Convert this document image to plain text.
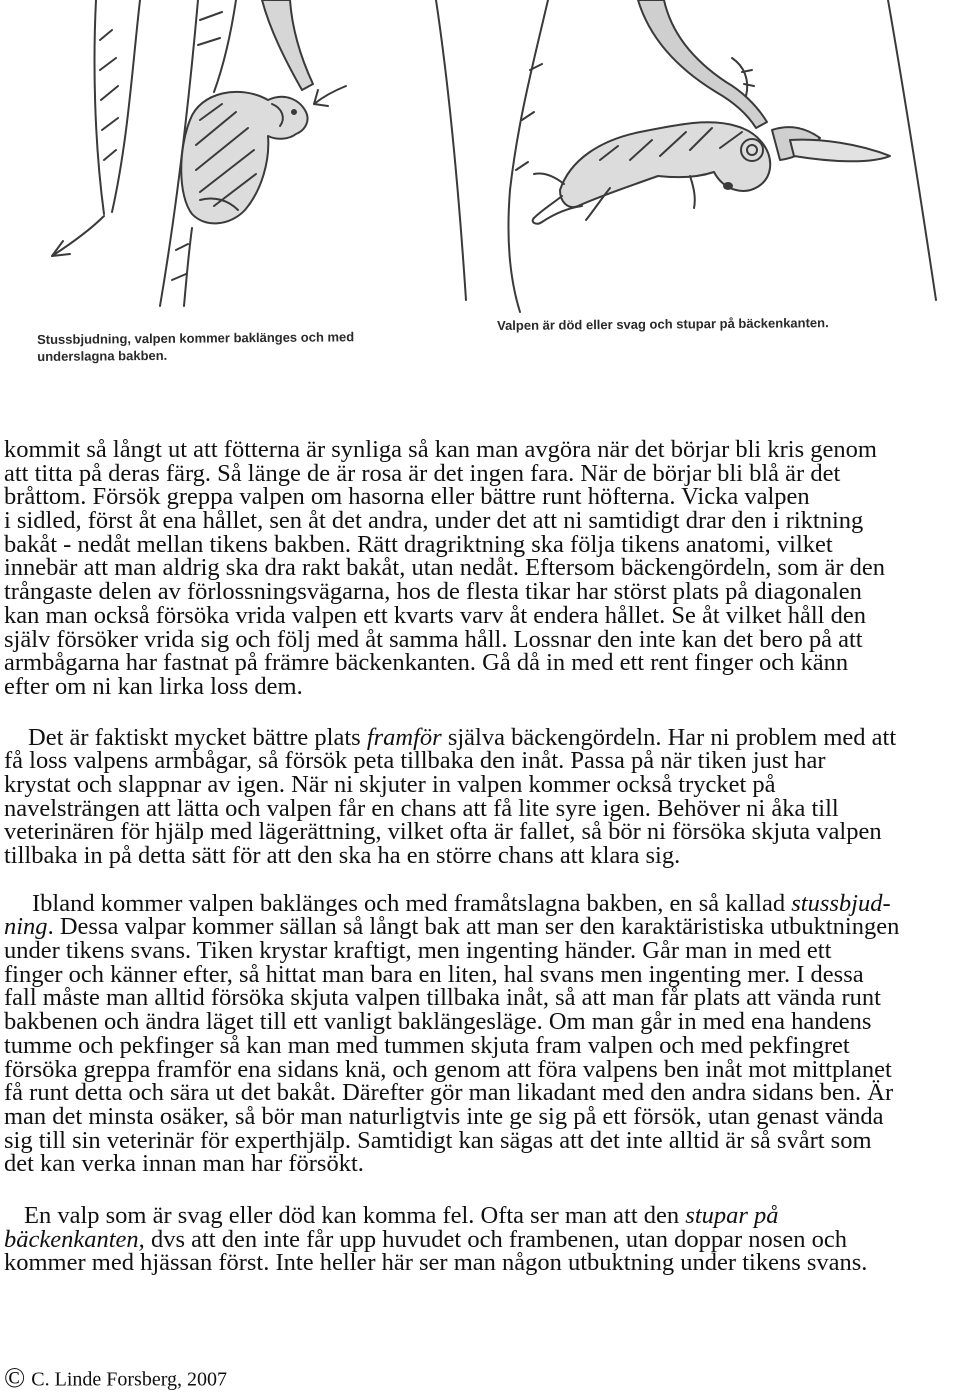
Stussbjudning, valpen kommer baklänges och med
underslagna bakben.
Valpen är död eller svag och stupar på bäckenkanten.
kommit så långt ut att fötterna är synliga så kan man avgöra när det börjar bli kris genom
att titta på deras färg. Så länge de är rosa är det ingen fara. När de börjar bli blå är det
bråttom. Försök greppa valpen om hasorna eller bättre runt höfterna. Vicka valpen
i sidled, först åt ena hållet, sen åt det andra, under det att ni samtidigt drar den i riktning
bakåt - nedåt mellan tikens bakben. Rätt dragriktning ska följa tikens anatomi, vilket
innebär att man aldrig ska dra rakt bakåt, utan nedåt. Eftersom bäckengördeln, som är den
trångaste delen av förlossningsvägarna, hos de flesta tikar har störst plats på diagonalen
kan man också försöka vrida valpen ett kvarts varv åt endera hållet. Se åt vilket håll den
själv försöker vrida sig och följ med åt samma håll. Lossnar den inte kan det bero på att
armbågarna har fastnat på främre bäckenkanten. Gå då in med ett rent finger och känn
efter om ni kan lirka loss dem.
Det är faktiskt mycket bättre plats framför själva bäckengördeln. Har ni problem med att
få loss valpens armbågar, så försök peta tillbaka den inåt. Passa på när tiken just har
krystat och slappnar av igen. När ni skjuter in valpen kommer också trycket på
navelsträngen att lätta och valpen får en chans att få lite syre igen. Behöver ni åka till
veterinären för hjälp med lägerättning, vilket ofta är fallet, så bör ni försöka skjuta valpen
tillbaka in på detta sätt för att den ska ha en större chans att klara sig.
Ibland kommer valpen baklänges och med framåtslagna bakben, en så kallad stussbjud-
ning. Dessa valpar kommer sällan så långt bak att man ser den karaktäristiska utbuktningen
under tikens svans. Tiken krystar kraftigt, men ingenting händer. Går man in med ett
finger och känner efter, så hittat man bara en liten, hal svans men ingenting mer. I dessa
fall måste man alltid försöka skjuta valpen tillbaka inåt, så att man får plats att vända runt
bakbenen och ändra läget till ett vanligt baklängesläge. Om man går in med ena handens
tumme och pekfinger så kan man med tummen skjuta fram valpen och med pekfingret
försöka greppa framför ena sidans knä, och genom att föra valpens ben inåt mot mittplanet
få runt detta och sära ut det bakåt. Därefter gör man likadant med den andra sidans ben. Är
man det minsta osäker, så bör man naturligtvis inte ge sig på ett försök, utan genast vända
sig till sin veterinär för experthjälp. Samtidigt kan sägas att det inte alltid är så svårt som
det kan verka innan man har försökt.
En valp som är svag eller död kan komma fel. Ofta ser man att den stupar på
bäckenkanten, dvs att den inte får upp huvudet och frambenen, utan doppar nosen och
kommer med hjässan först. Inte heller här ser man någon utbuktning under tikens svans.
© C. Linde Forsberg, 2007
